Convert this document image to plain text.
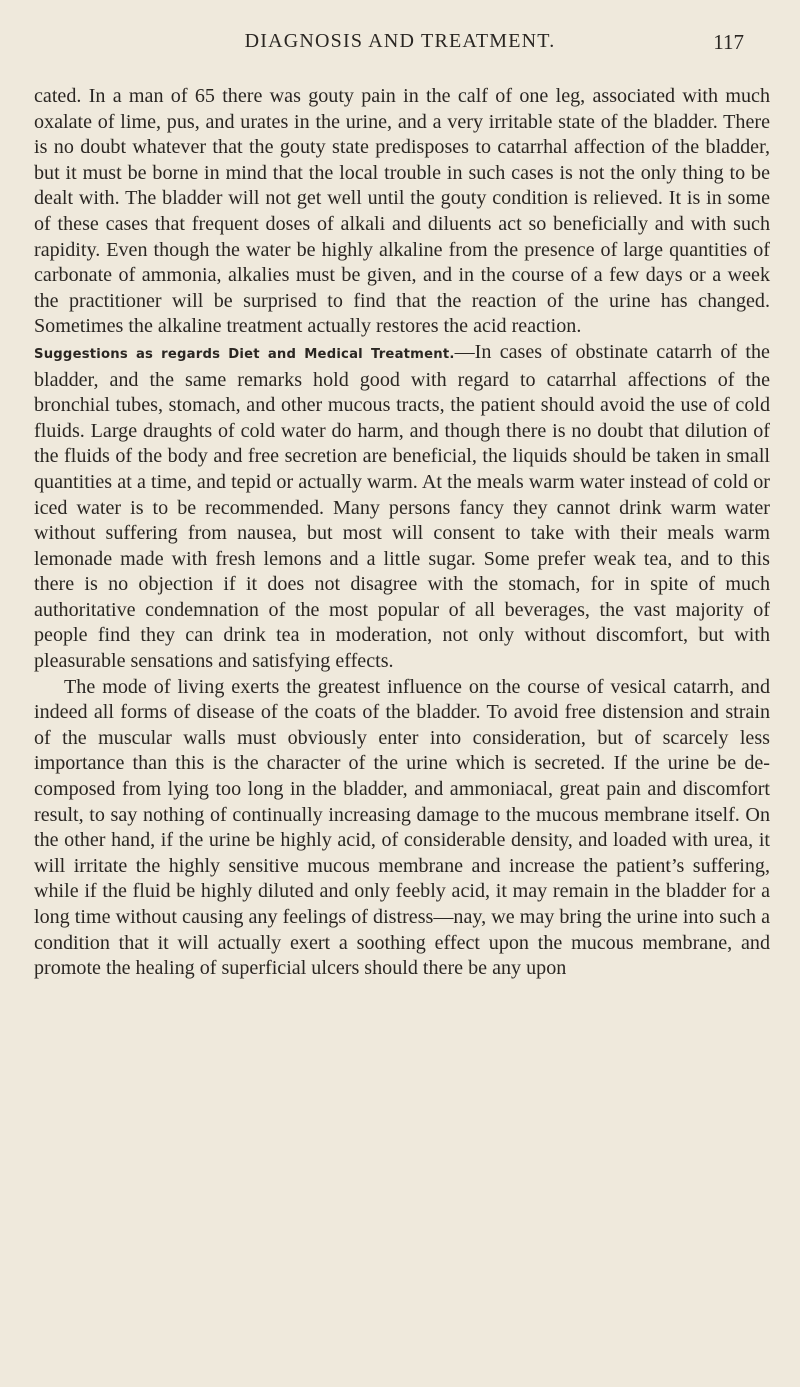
DIAGNOSIS AND TREATMENT.	117

cated. In a man of 65 there was gouty pain in the calf of one leg, associated with much oxalate of lime, pus, and urates in the urine, and a very irritable state of the bladder. There is no doubt whatever that the gouty state predisposes to catarrhal affection of the bladder, but it must be borne in mind that the local trouble in such cases is not the only thing to be dealt with. The bladder will not get well until the gouty condition is relieved. It is in some of these cases that frequent doses of alkali and diluents act so beneficially and with such rapidity. Even though the water be highly alkaline from the presence of large quantities of carbonate of ammonia, alkalies must be given, and in the course of a few days or a week the practitioner will be surprised to find that the reaction of the urine has changed. Sometimes the alkaline treatment actually restores the acid reaction.

Suggestions as regards Diet and Medical Treatment.—In cases of obstinate catarrh of the bladder, and the same remarks hold good with regard to catarrhal affections of the bronchial tubes, stomach, and other mucous tracts, the patient should avoid the use of cold fluids. Large draughts of cold water do harm, and though there is no doubt that dilution of the fluids of the body and free secretion are beneficial, the liquids should be taken in small quantities at a time, and tepid or actually warm. At the meals warm water instead of cold or iced water is to be recommended. Many persons fancy they cannot drink warm water without suffering from nausea, but most will consent to take with their meals warm lemonade made with fresh lemons and a little sugar. Some prefer weak tea, and to this there is no objection if it does not disagree with the stomach, for in spite of much authoritative condemnation of the most popular of all beverages, the vast majority of people find they can drink tea in moderation, not only without discomfort, but with pleasurable sensations and satisfying effects.

The mode of living exerts the greatest influence on the course of vesical catarrh, and indeed all forms of disease of the coats of the bladder. To avoid free distension and strain of the muscular walls must obviously enter into consideration, but of scarcely less importance than this is the character of the urine which is secreted. If the urine be decomposed from lying too long in the bladder, and ammoniacal, great pain and discomfort result, to say nothing of continually increasing damage to the mucous membrane itself. On the other hand, if the urine be highly acid, of considerable density, and loaded with urea, it will irritate the highly sensitive mucous membrane and increase the patient’s suffering, while if the fluid be highly diluted and only feebly acid, it may remain in the bladder for a long time without causing any feelings of distress—nay, we may bring the urine into such a condition that it will actually exert a soothing effect upon the mucous membrane, and promote the healing of superficial ulcers should there be any upon
